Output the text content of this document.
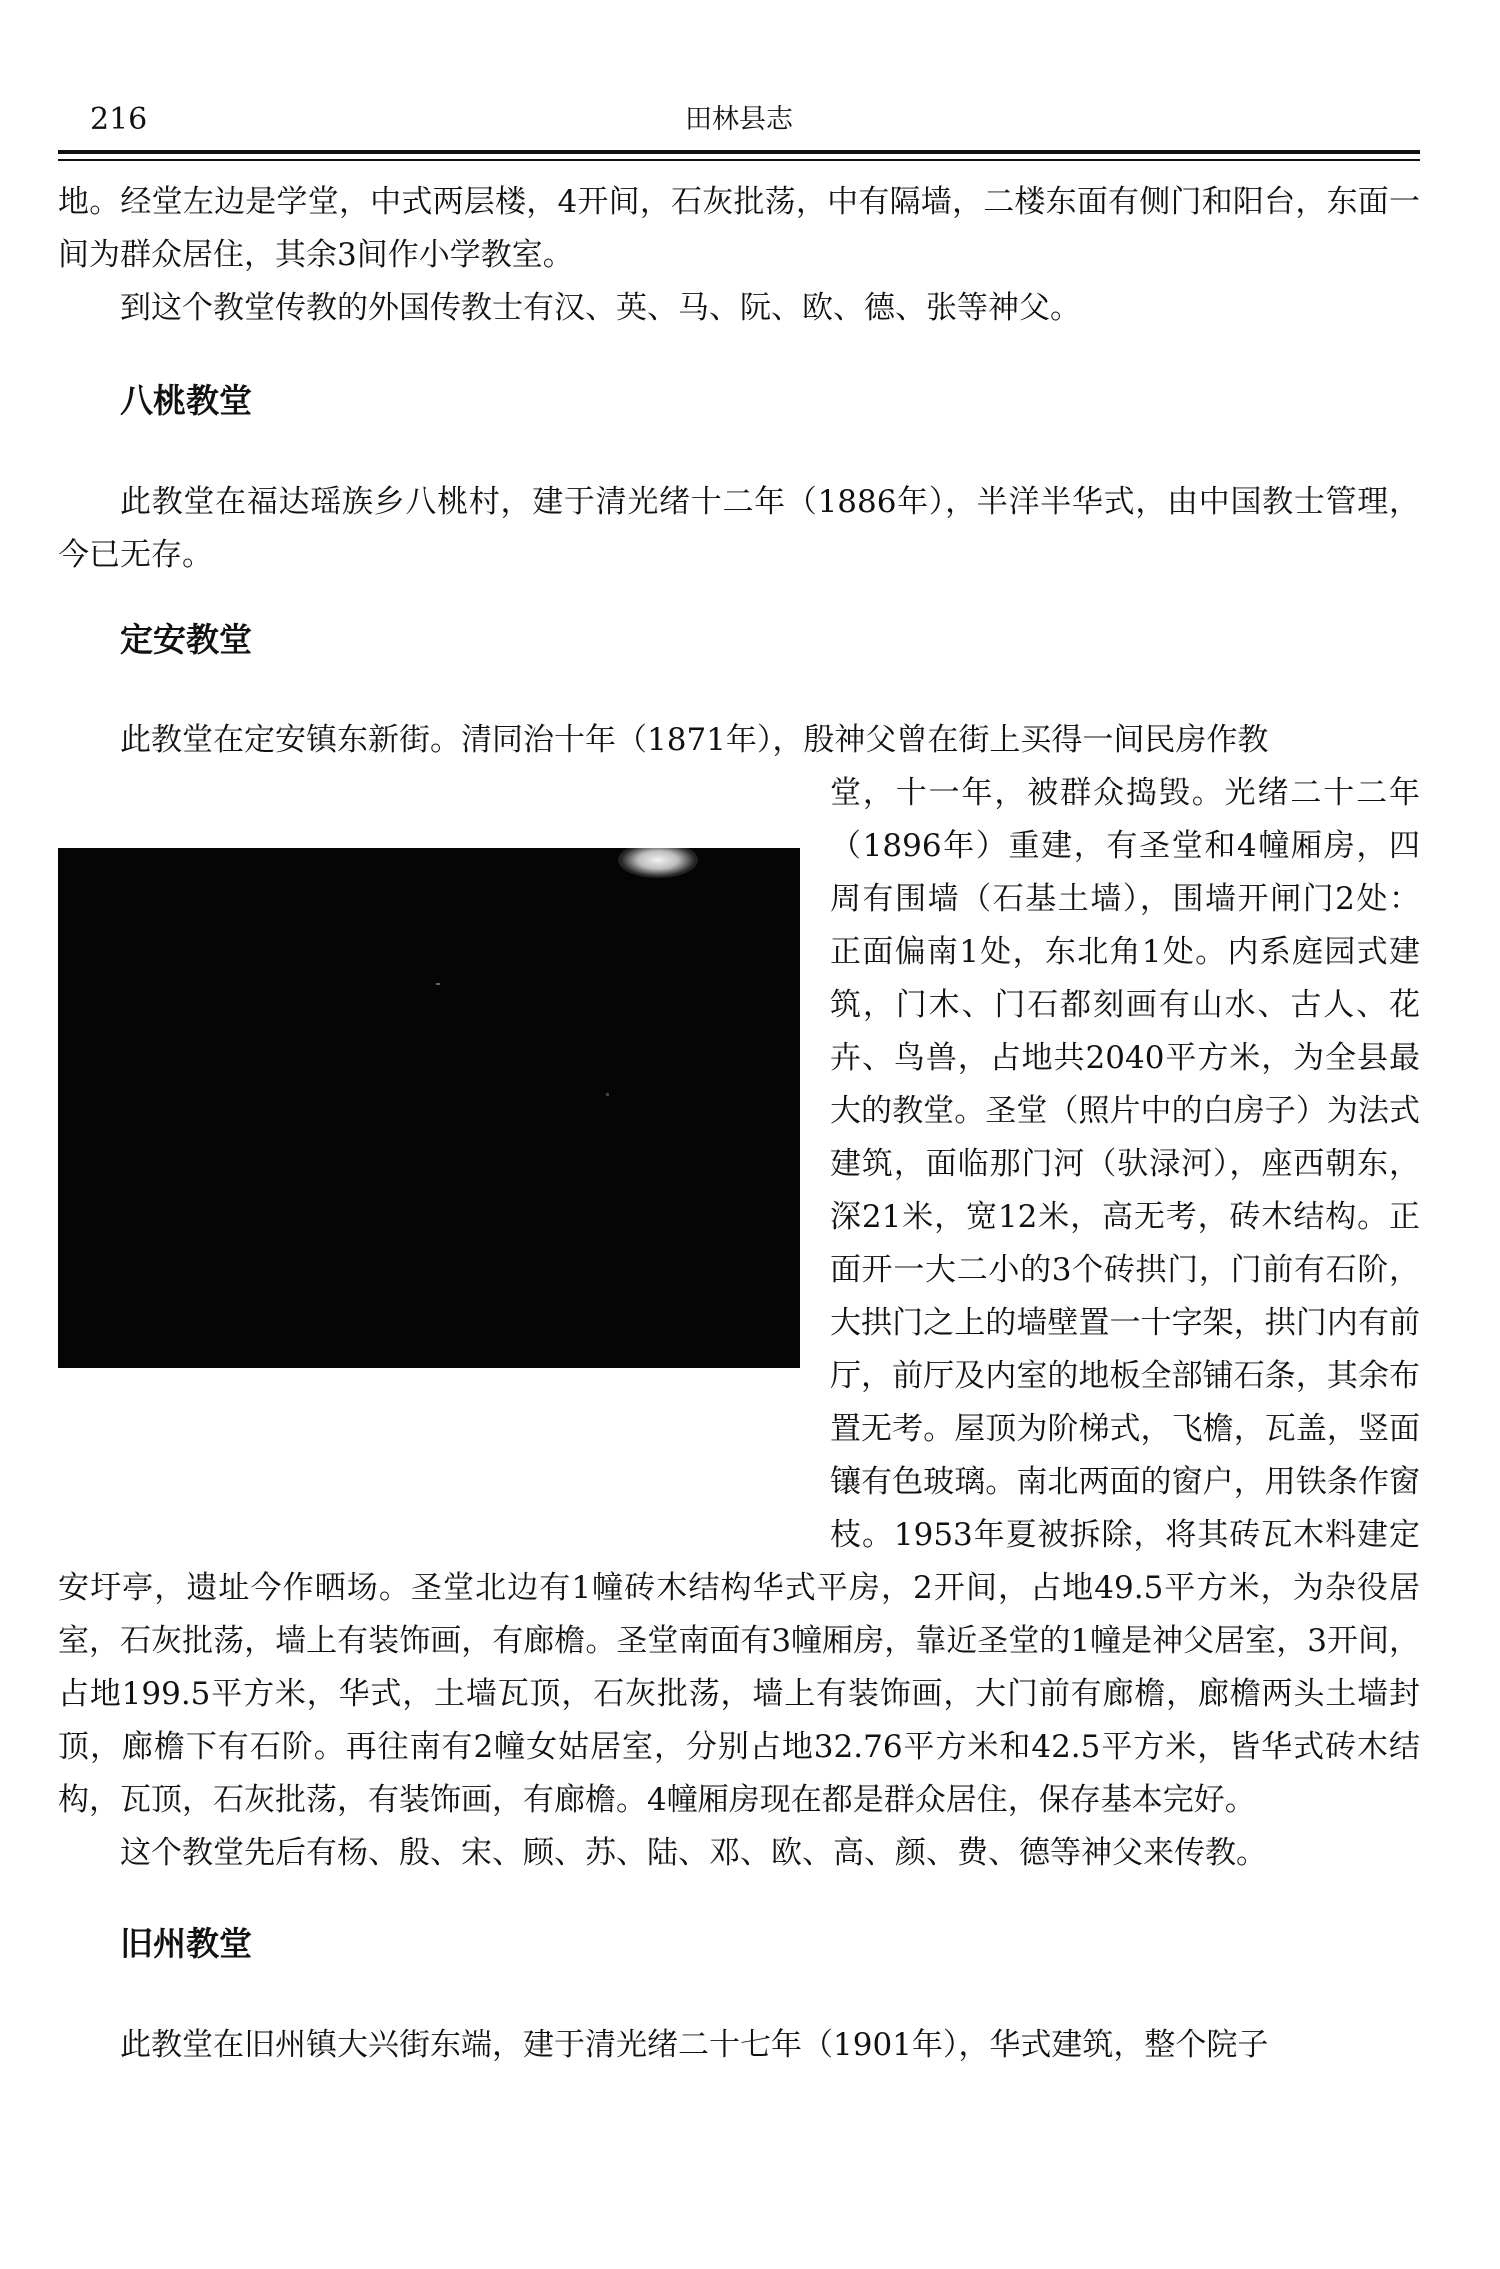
216	田林县志

地。经堂左边是学堂，中式两层楼，4开间，石灰批荡，中有隔墙，二楼东面有侧门和阳台，东面一间为群众居住，其余3间作小学教室。

到这个教堂传教的外国传教士有汉、英、马、阮、欧、德、张等神父。

八桃教堂

此教堂在福达瑶族乡八桃村，建于清光绪十二年（1886年），半洋半华式，由中国教士管理，今已无存。

定安教堂

此教堂在定安镇东新街。清同治十年（1871年），殷神父曾在街上买得一间民房作教

堂，十一年，被群众捣毁。光绪二十二年（1896年）重建，有圣堂和4幢厢房，四周有围墙（石基土墙），围墙开闸门2处：正面偏南1处，东北角1处。内系庭园式建筑，门木、门石都刻画有山水、古人、花卉、鸟兽，占地共2040平方米，为全县最大的教堂。圣堂（照片中的白房子）为法式建筑，面临那门河（驮渌河），座西朝东，深21米，宽12米，高无考，砖木结构。正面开一大二小的3个砖拱门，门前有石阶，大拱门之上的墙壁置一十字架，拱门内有前厅，前厅及内室的地板全部铺石条，其余布置无考。屋顶为阶梯式，飞檐，瓦盖，竖面镶有色玻璃。南北两面的窗户，用铁条作窗枝。1953年夏被拆除，将其砖瓦木料建定安圩亭，遗址今作晒场。圣堂北边有1幢砖木结构华式平房，2开间，占地49.5平方米，为杂役居室，石灰批荡，墙上有装饰画，有廊檐。圣堂南面有3幢厢房，靠近圣堂的1幢是神父居室，3开间，占地199.5平方米，华式，土墙瓦顶，石灰批荡，墙上有装饰画，大门前有廊檐，廊檐两头土墙封顶，廊檐下有石阶。再往南有2幢女姑居室，分别占地32.76平方米和42.5平方米，皆华式砖木结构，瓦顶，石灰批荡，有装饰画，有廊檐。4幢厢房现在都是群众居住，保存基本完好。

这个教堂先后有杨、殷、宋、顾、苏、陆、邓、欧、高、颜、费、德等神父来传教。

旧州教堂

此教堂在旧州镇大兴街东端，建于清光绪二十七年（1901年），华式建筑，整个院子
